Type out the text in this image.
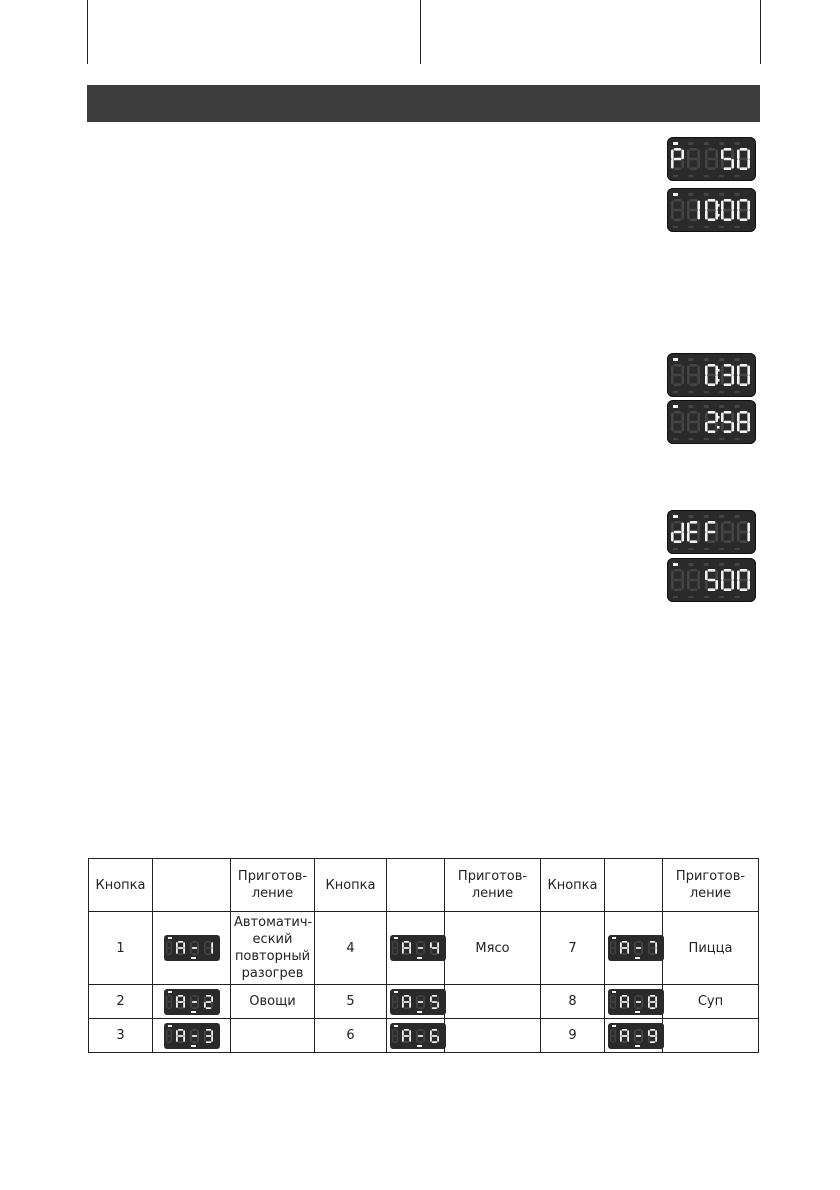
Кнопка		Приготов-ление	Кнопка		Приготов-ление	Кнопка		Приготов-ление
1		Автоматич-еский повторный разогрев	4		Мясо	7		Пицца
2		Овощи	5			8		Суп
3			6			9	
